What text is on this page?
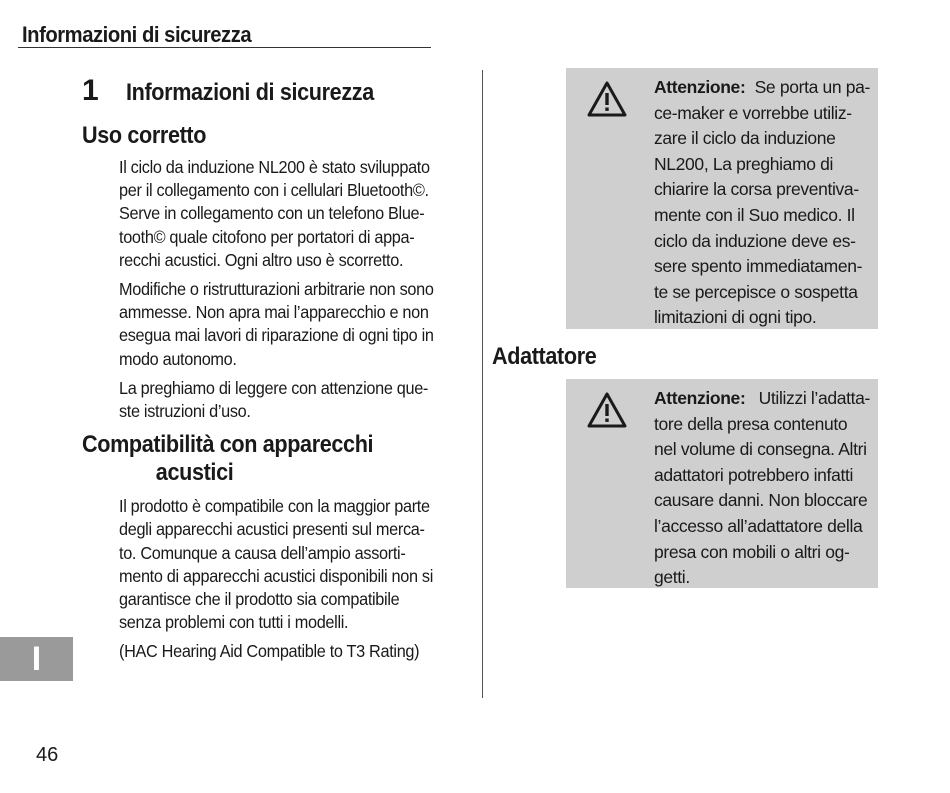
Informazioni di sicurezza
1	Informazioni di sicurezza
Uso corretto

Il ciclo da induzione NL200 è stato sviluppato
per il collegamento con i cellulari Bluetooth©.
Serve in collegamento con un telefono Blue-
tooth© quale citofono per portatori di appa-
recchi acustici. Ogni altro uso è scorretto.

Modifiche o ristrutturazioni arbitrarie non sono
ammesse. Non apra mai l’apparecchio e non
esegua mai lavori di riparazione di ogni tipo in
modo autonomo.

La preghiamo di leggere con attenzione que-
ste istruzioni d’uso.

Compatibilità con apparecchi
acustici

Il prodotto è compatibile con la maggior parte
degli apparecchi acustici presenti sul merca-
to. Comunque a causa dell’ampio assorti-
mento di apparecchi acustici disponibili non si
garantisce che il prodotto sia compatibile
senza problemi con tutti i modelli.

(HAC Hearing Aid Compatible to T3 Rating)

Attenzione: Se porta un pa-
ce-maker e vorrebbe utiliz-
zare il ciclo da induzione
NL200, La preghiamo di
chiarire la corsa preventiva-
mente con il Suo medico. Il
ciclo da induzione deve es-
sere spento immediatamen-
te se percepisce o sospetta
limitazioni di ogni tipo.
Adattatore
Attenzione: Utilizzi l’adatta-
tore della presa contenuto
nel volume di consegna. Altri
adattatori potrebbero infatti
causare danni. Non bloccare
l’accesso all’adattatore della
presa con mobili o altri og-
getti.
I
46
